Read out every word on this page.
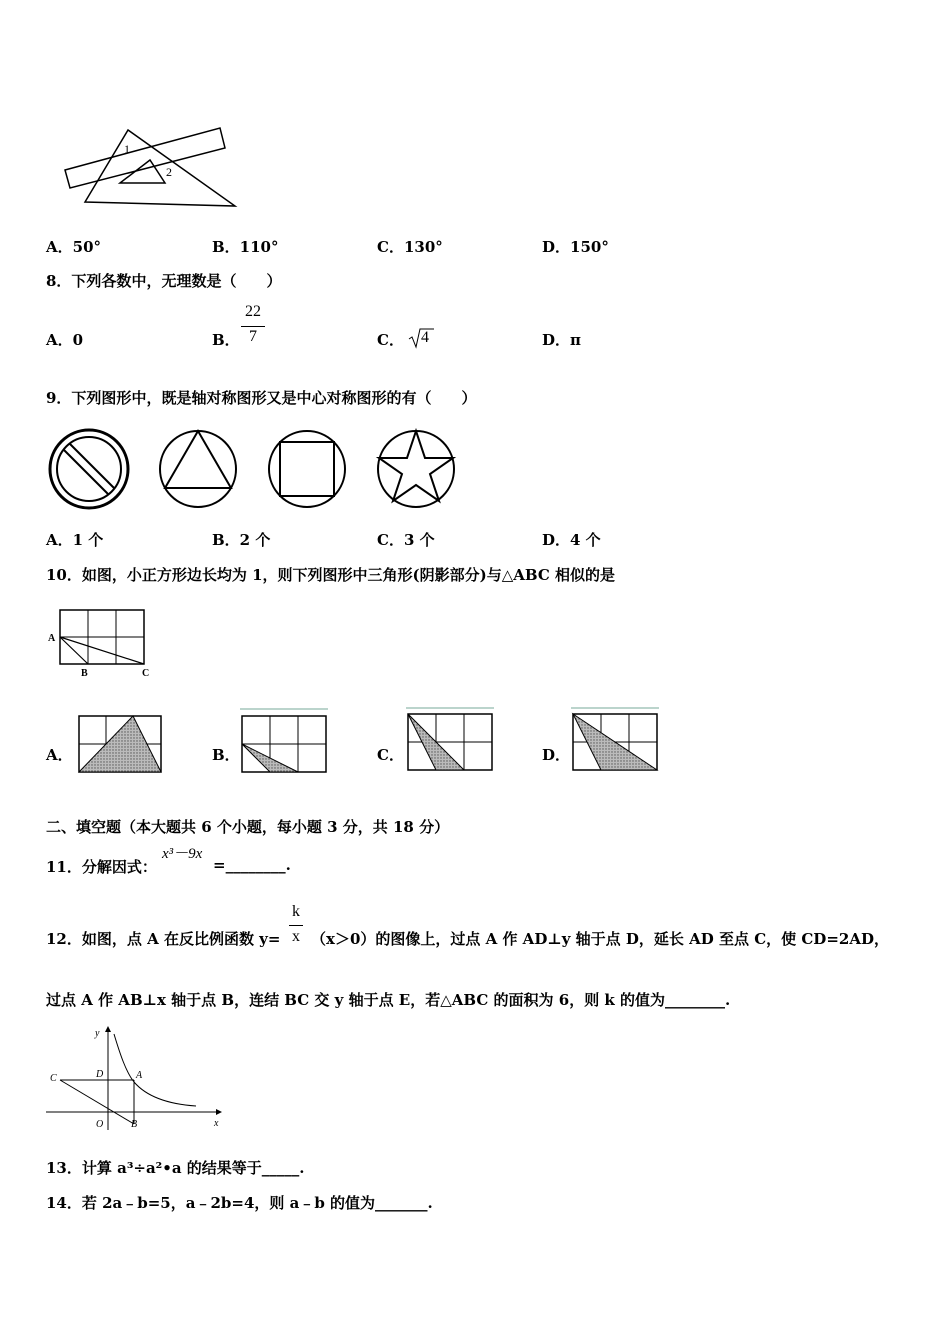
1
2
A．50°	B．110°	C．130°	D．150°
8．下列各数中，无理数是（　　）
A．0	B．
22
7	C． 4	D．π
9．下列图形中，既是轴对称图形又是中心对称图形的有（　　）
A．1 个	B．2 个	C．3 个	D．4 个
10．如图，小正方形边长均为 1，则下列图形中三角形(阴影部分)与△ABC 相似的是
A
B	C
A．	B．	C．	D．
二、填空题（本大题共 6 个小题，每小题 3 分，共 18 分）
11．分解因式：
x³－9x
=________.
12．如图，点 A 在反比例函数 y=
k
x （x＞0）的图像上，过点 A 作 AD⊥y 轴于点 D，延长 AD 至点 C，使 CD=2AD，
过点 A 作 AB⊥x 轴于点 B，连结 BC 交 y 轴于点 E，若△ABC 的面积为 6，则 k 的值为________.
y
C	D	A
O	B	x
13．计算 a³÷a²•a 的结果等于_____.
14．若 2a﹣b=5，a﹣2b=4，则 a﹣b 的值为_______.
